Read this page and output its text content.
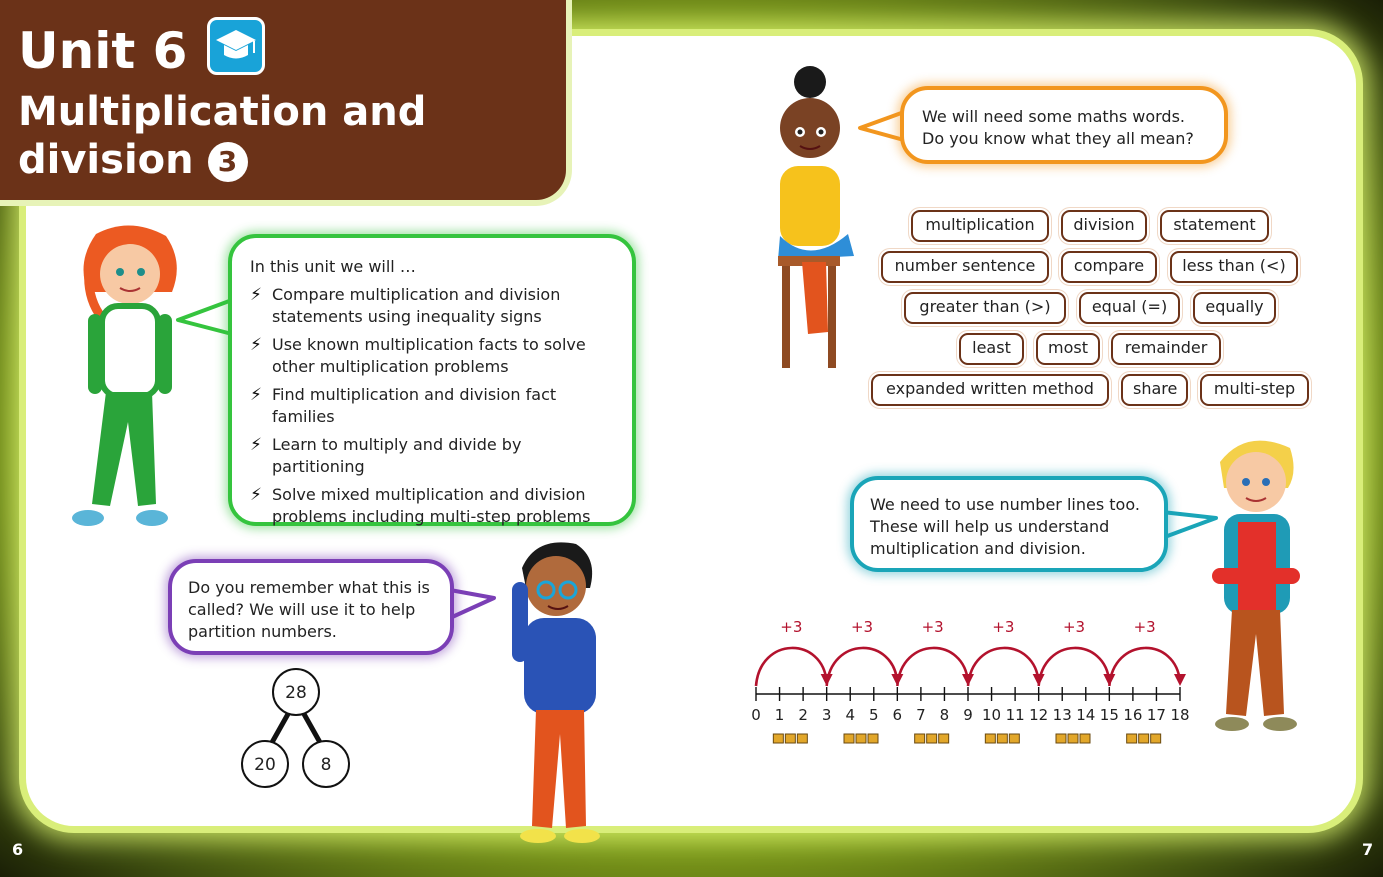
Unit 6
Multiplication and
division 3
In this unit we will …
⚡ Compare multiplication and division statements using inequality signs
⚡ Use known multiplication facts to solve other multiplication problems
⚡ Find multiplication and division fact families
⚡ Learn to multiply and divide by partitioning
⚡ Solve mixed multiplication and division problems including multi-step problems
Do you remember what this is called? We will use it to help partition numbers.
28
20	8
We will need some maths words. Do you know what they all mean?
multiplication	division	statement
number sentence	compare	less than (<)
greater than (>)	equal (=)	equally
least	most	remainder
expanded written method	share	multi-step
We need to use number lines too. These will help us understand multiplication and division.
0 1 2 3 4 5 6 7 8 9 10 11 12 13 14 15 16 17 18
+3	+3	+3	+3	+3	+3
6	7
